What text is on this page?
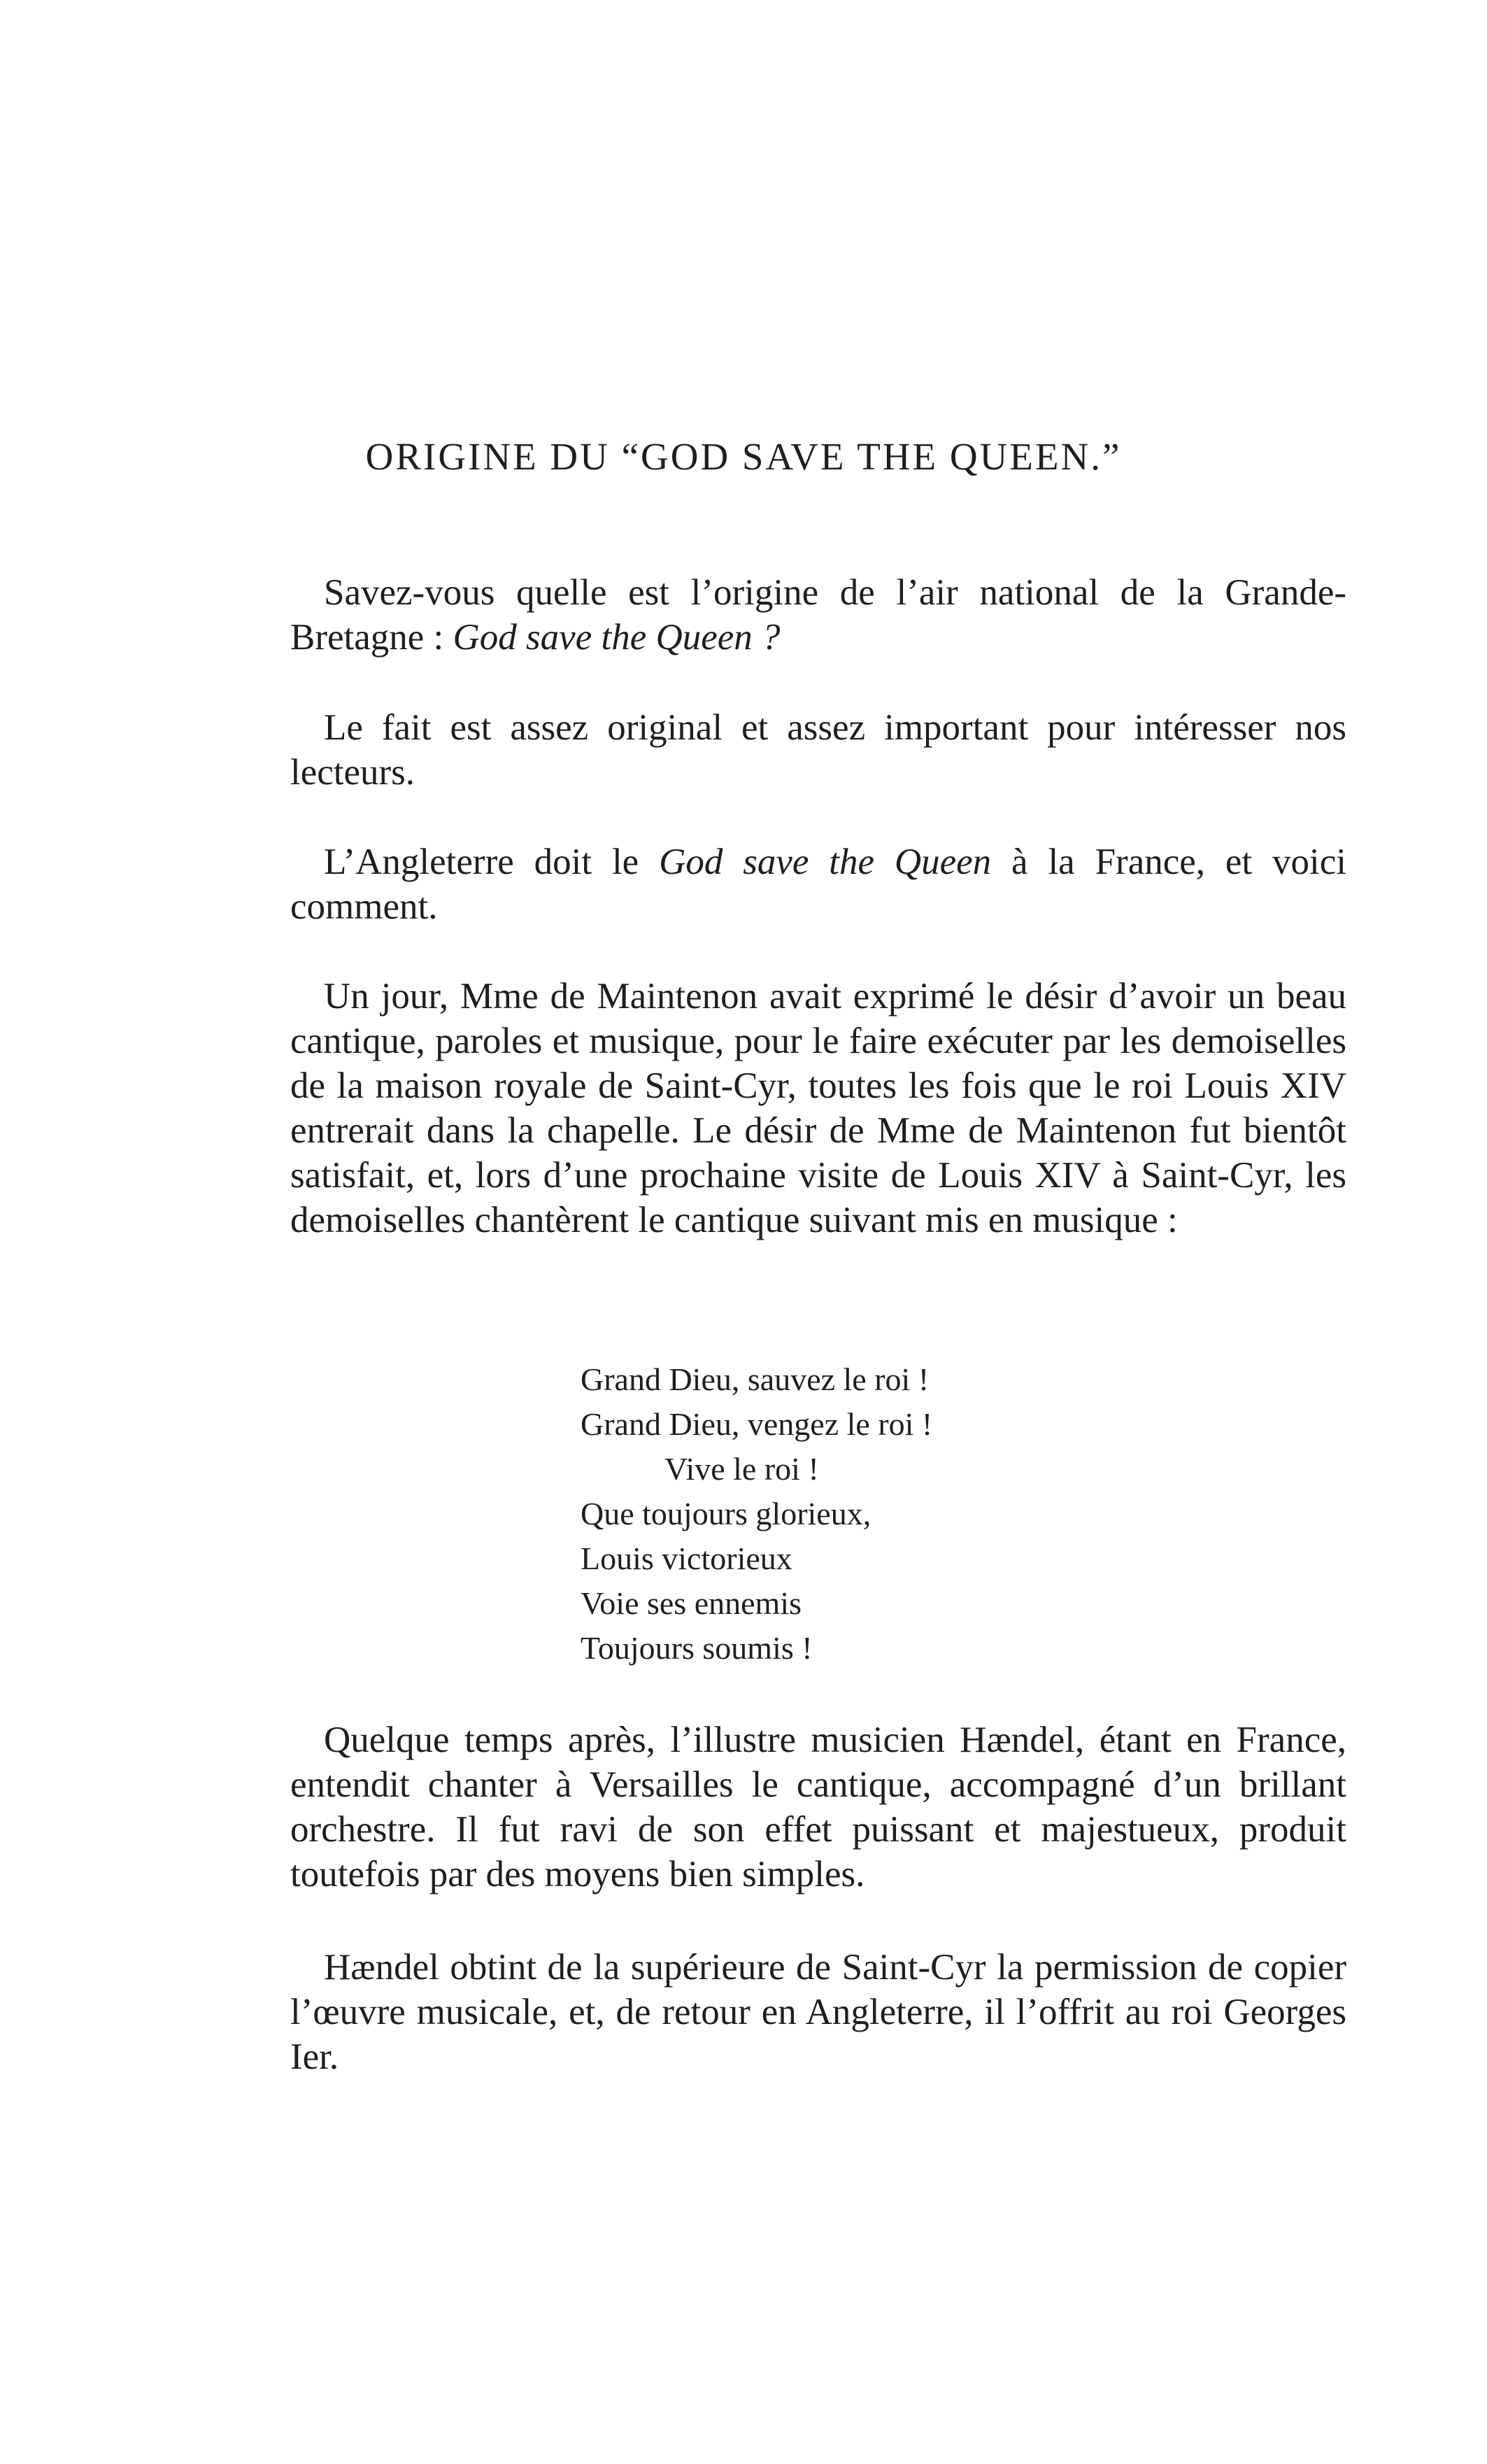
ORIGINE DU “GOD SAVE THE QUEEN.”

Savez-vous quelle est l’origine de l’air national de la Grande-Bretagne : God save the Queen ?

Le fait est assez original et assez important pour intéresser nos lecteurs.

L’Angleterre doit le God save the Queen à la France, et voici comment.

Un jour, Mme de Maintenon avait exprimé le désir d’avoir un beau cantique, paroles et musique, pour le faire exécuter par les demoiselles de la maison royale de Saint-Cyr, toutes les fois que le roi Louis XIV entrerait dans la chapelle. Le désir de Mme de Maintenon fut bientôt satisfait, et, lors d’une prochaine visite de Louis XIV à Saint-Cyr, les demoiselles chantèrent le cantique suivant mis en musique :

Grand Dieu, sauvez le roi !
Grand Dieu, vengez le roi !
Vive le roi !
Que toujours glorieux,
Louis victorieux
Voie ses ennemis
Toujours soumis !

Quelque temps après, l’illustre musicien Hændel, étant en France, entendit chanter à Versailles le cantique, accompagné d’un brillant orchestre. Il fut ravi de son effet puissant et majestueux, produit toutefois par des moyens bien simples.

Hændel obtint de la supérieure de Saint-Cyr la permission de copier l’œuvre musicale, et, de retour en Angleterre, il l’offrit au roi Georges Ier.
